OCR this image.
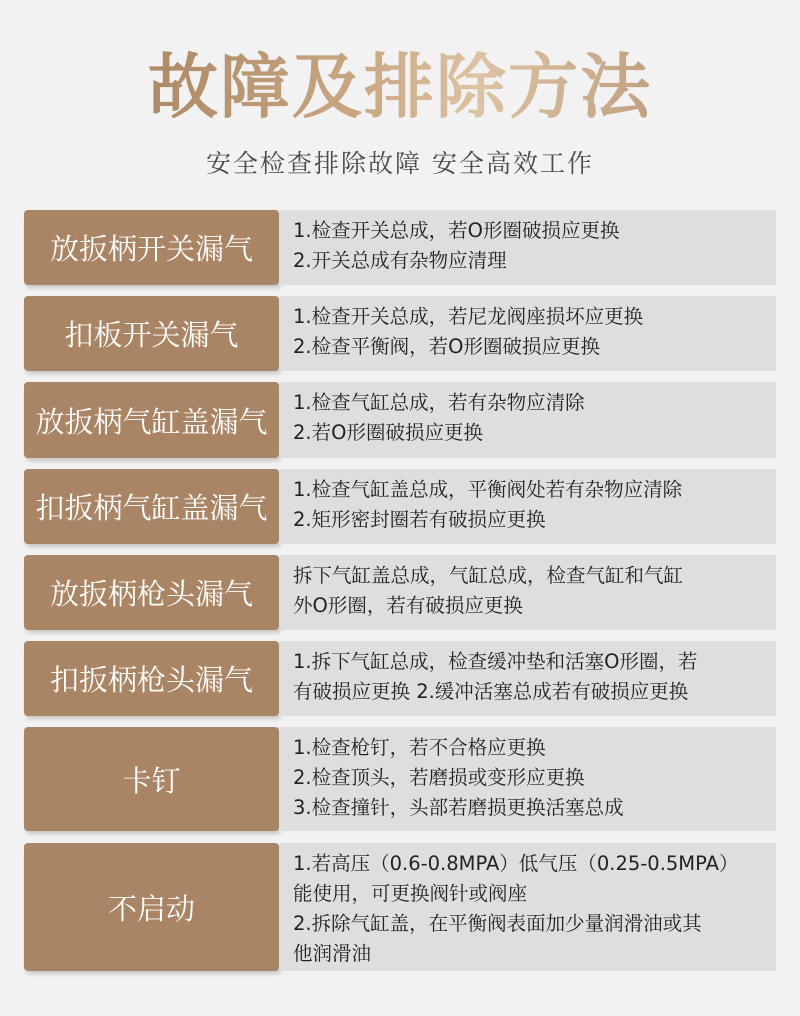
故障及排除方法
安全检查排除故障 安全高效工作
放扳柄开关漏气

1.检查开关总成，若O形圈破损应更换

2.开关总成有杂物应清理

扣板开关漏气

1.检查开关总成，若尼龙阀座损坏应更换

2.检查平衡阀，若O形圈破损应更换

放扳柄气缸盖漏气

1.检查气缸总成，若有杂物应清除

2.若O形圈破损应更换

扣扳柄气缸盖漏气

1.检查气缸盖总成，平衡阀处若有杂物应清除

2.矩形密封圈若有破损应更换

放扳柄枪头漏气

拆下气缸盖总成，气缸总成，检查气缸和气缸

外O形圈，若有破损应更换

扣扳柄枪头漏气

1.拆下气缸总成，检查缓冲垫和活塞O形圈，若

有破损应更换 2.缓冲活塞总成若有破损应更换

卡钉

1.检查枪钉，若不合格应更换

2.检查顶头，若磨损或变形应更换

3.检查撞针，头部若磨损更换活塞总成

不启动

1.若高压（0.6-0.8MPA）低气压（0.25-0.5MPA）

能使用，可更换阀针或阀座

2.拆除气缸盖，在平衡阀表面加少量润滑油或其

他润滑油
